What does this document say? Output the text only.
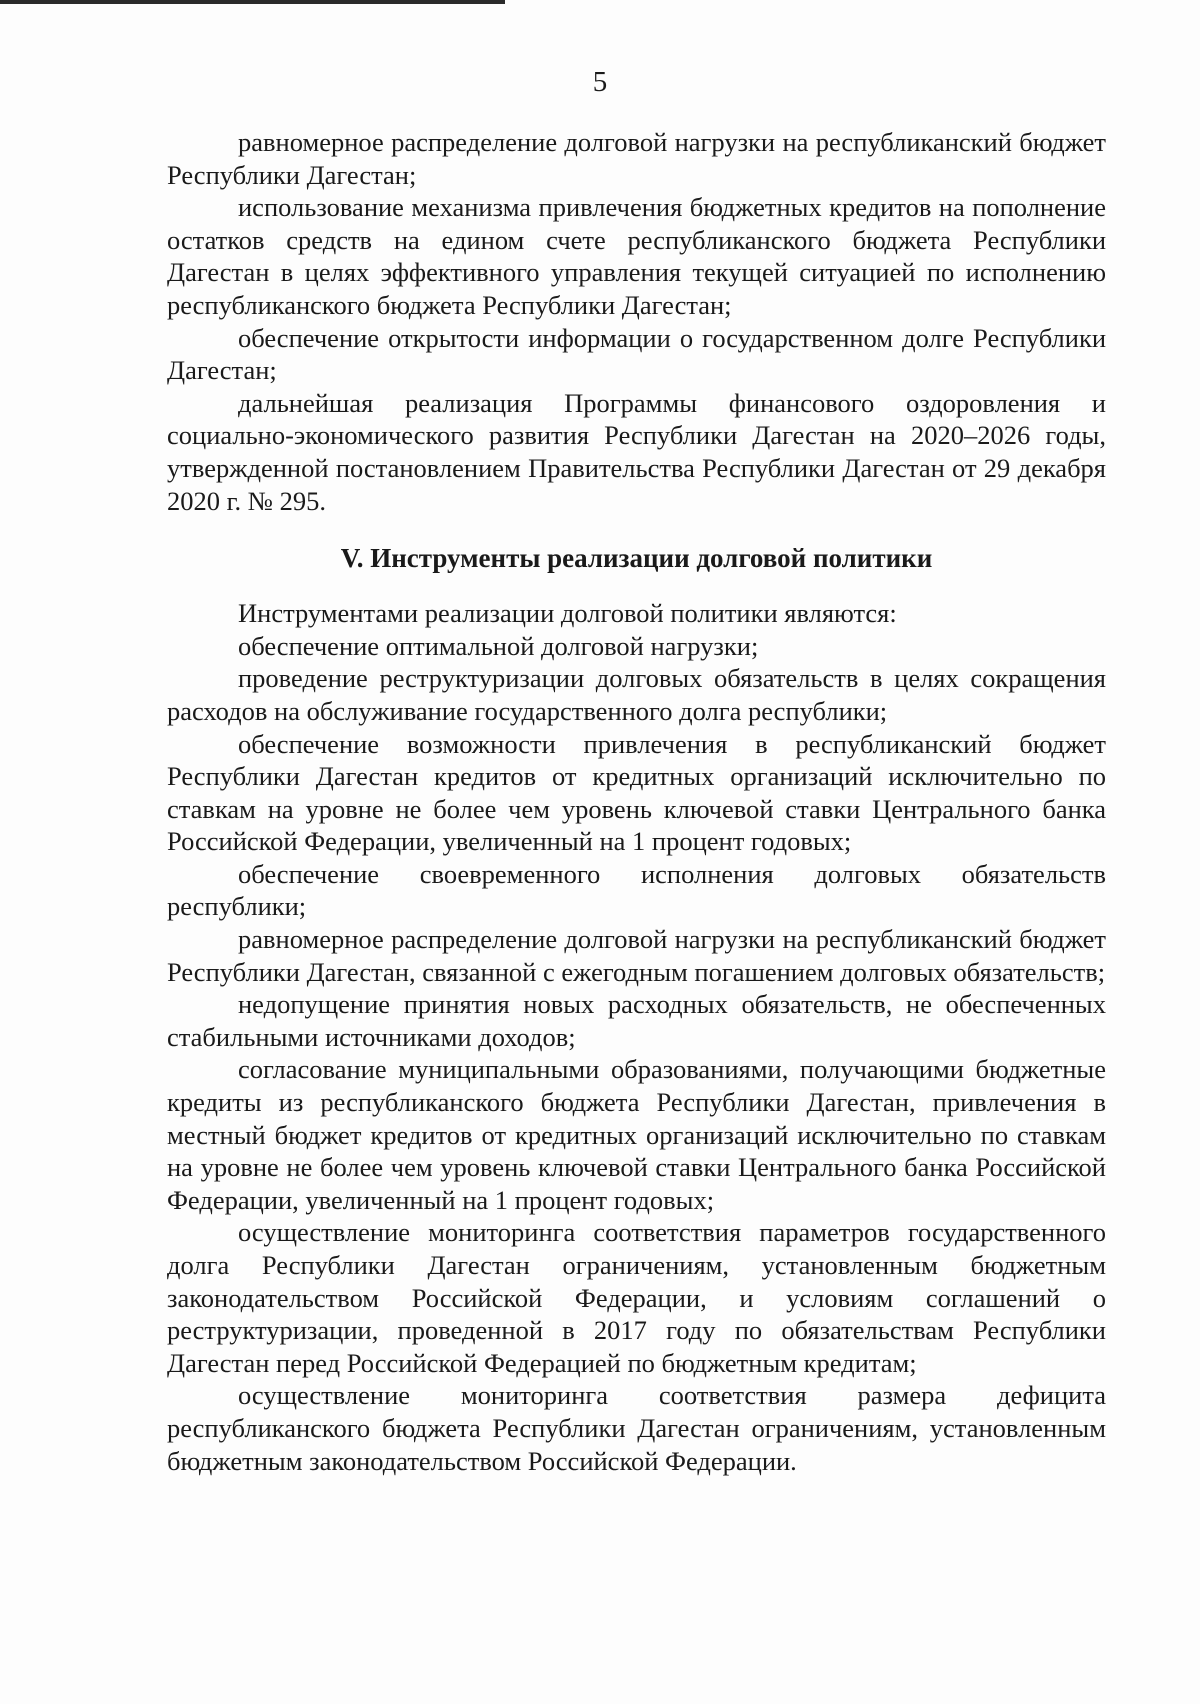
5

равномерное распределение долговой нагрузки на республиканский бюджет Республики Дагестан;

использование механизма привлечения бюджетных кредитов на пополнение остатков средств на едином счете республиканского бюджета Республики Дагестан в целях эффективного управления текущей ситуацией по исполнению республиканского бюджета Республики Дагестан;

обеспечение открытости информации о государственном долге Республики Дагестан;

дальнейшая реализация Программы финансового оздоровления и социально-экономического развития Республики Дагестан на 2020–2026 годы, утвержденной постановлением Правительства Республики Дагестан от 29 декабря 2020 г. № 295.

V. Инструменты реализации долговой политики

Инструментами реализации долговой политики являются:

обеспечение оптимальной долговой нагрузки;

проведение реструктуризации долговых обязательств в целях сокращения расходов на обслуживание государственного долга республики;

обеспечение возможности привлечения в республиканский бюджет Республики Дагестан кредитов от кредитных организаций исключительно по ставкам на уровне не более чем уровень ключевой ставки Центрального банка Российской Федерации, увеличенный на 1 процент годовых;

обеспечение своевременного исполнения долговых обязательств республики;

равномерное распределение долговой нагрузки на республиканский бюджет Республики Дагестан, связанной с ежегодным погашением долговых обязательств;

недопущение принятия новых расходных обязательств, не обеспеченных стабильными источниками доходов;

согласование муниципальными образованиями, получающими бюджетные кредиты из республиканского бюджета Республики Дагестан, привлечения в местный бюджет кредитов от кредитных организаций исключительно по ставкам на уровне не более чем уровень ключевой ставки Центрального банка Российской Федерации, увеличенный на 1 процент годовых;

осуществление мониторинга соответствия параметров государственного долга Республики Дагестан ограничениям, установленным бюджетным законодательством Российской Федерации, и условиям соглашений о реструктуризации, проведенной в 2017 году по обязательствам Республики Дагестан перед Российской Федерацией по бюджетным кредитам;

осуществление мониторинга соответствия размера дефицита республиканского бюджета Республики Дагестан ограничениям, установленным бюджетным законодательством Российской Федерации.
